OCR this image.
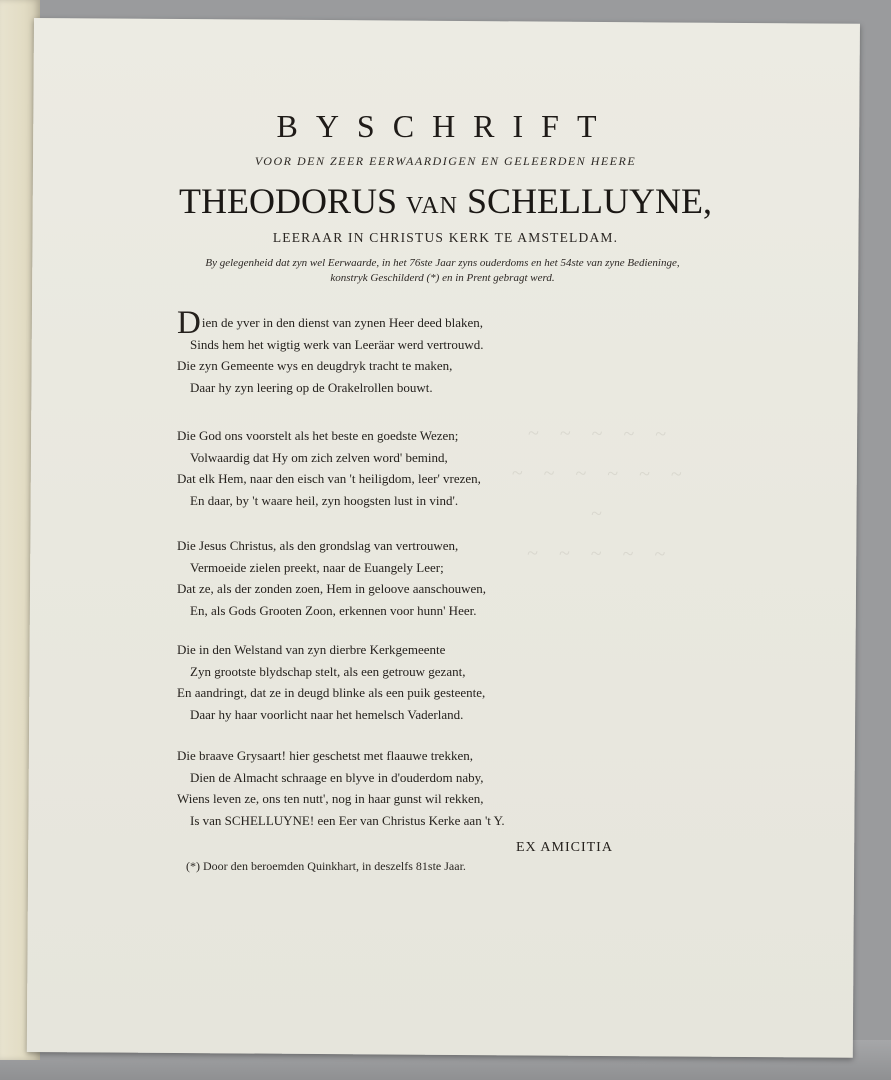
~ ~ ~ ~ ~
~ ~ ~ ~ ~ ~ ~
~ ~ ~ ~ ~
BYSCHRIFT
VOOR DEN ZEER EERWAARDIGEN EN GELEERDEN HEERE
THEODORUS VAN SCHELLUYNE,
LEERAAR IN CHRISTUS KERK TE AMSTELDAM.
By gelegenheid dat zyn wel Eerwaarde, in het 76ste Jaar zyns ouderdoms en het 54ste van zyne Bedieninge, konstryk Geschilderd (*) en in Prent gebragt werd.
Dien de yver in den dienst van zynen Heer deed blaken,
Sinds hem het wigtig werk van Leeräar werd vertrouwd.
Die zyn Gemeente wys en deugdryk tracht te maken,
Daar hy zyn leering op de Orakelrollen bouwt.
Die God ons voorstelt als het beste en goedste Wezen;
Volwaardig dat Hy om zich zelven word' bemind,
Dat elk Hem, naar den eisch van 't heiligdom, leer' vrezen,
En daar, by 't waare heil, zyn hoogsten lust in vind'.
Die Jesus Christus, als den grondslag van vertrouwen,
Vermoeide zielen preekt, naar de Euangely Leer;
Dat ze, als der zonden zoen, Hem in geloove aanschouwen,
En, als Gods Grooten Zoon, erkennen voor hunn' Heer.
Die in den Welstand van zyn dierbre Kerkgemeente
Zyn grootste blydschap stelt, als een getrouw gezant,
En aandringt, dat ze in deugd blinke als een puik gesteente,
Daar hy haar voorlicht naar het hemelsch Vaderland.
Die braave Grysaart! hier geschetst met flaauwe trekken,
Dien de Almacht schraage en blyve in d'ouderdom naby,
Wiens leven ze, ons ten nutt', nog in haar gunst wil rekken,
Is van SCHELLUYNE! een Eer van Christus Kerke aan 't Y.
EX AMICITIA
(*) Door den beroemden Quinkhart, in deszelfs 81ste Jaar.
